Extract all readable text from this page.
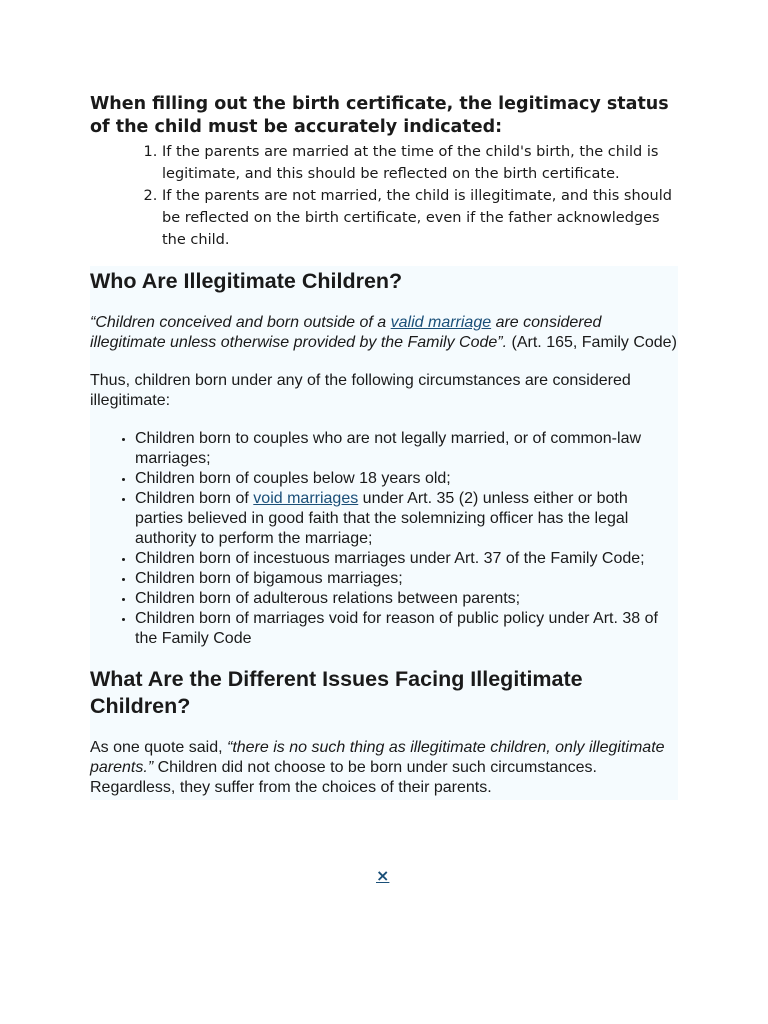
When filling out the birth certificate, the legitimacy status of the child must be accurately indicated:
1. If the parents are married at the time of the child's birth, the child is legitimate, and this should be reflected on the birth certificate.
2. If the parents are not married, the child is illegitimate, and this should be reflected on the birth certificate, even if the father acknowledges the child.
Who Are Illegitimate Children?

“Children conceived and born outside of a valid marriage are considered illegitimate unless otherwise provided by the Family Code”. (Art. 165, Family Code)

Thus, children born under any of the following circumstances are considered illegitimate:

• Children born to couples who are not legally married, or of common-law marriages;
• Children born of couples below 18 years old;
• Children born of void marriages under Art. 35 (2) unless either or both parties believed in good faith that the solemnizing officer has the legal authority to perform the marriage;
• Children born of incestuous marriages under Art. 37 of the Family Code;
• Children born of bigamous marriages;
• Children born of adulterous relations between parents;
• Children born of marriages void for reason of public policy under Art. 38 of the Family Code
What Are the Different Issues Facing Illegitimate Children?

As one quote said, “there is no such thing as illegitimate children, only illegitimate parents.” Children did not choose to be born under such circumstances. Regardless, they suffer from the choices of their parents.

×
